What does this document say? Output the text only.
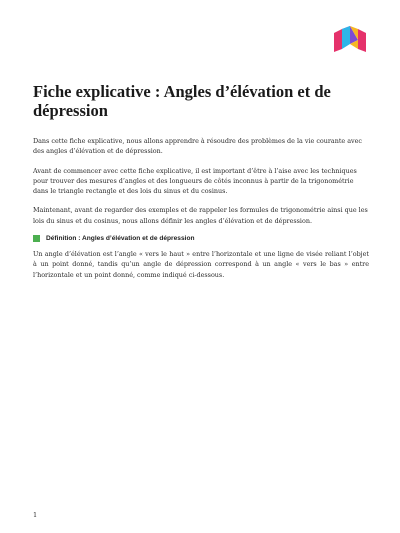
Fiche explicative : Angles d’élévation et de dépression

Dans cette fiche explicative, nous allons apprendre à résoudre des problèmes de la vie courante avec des angles d’élévation et de dépression.

Avant de commencer avec cette fiche explicative, il est important d’être à l’aise avec les techniques pour trouver des mesures d’angles et des longueurs de côtés inconnus à partir de la trigonométrie dans le triangle rectangle et des lois du sinus et du cosinus.

Maintenant, avant de regarder des exemples et de rappeler les formules de trigonométrie ainsi que les lois du sinus et du cosinus, nous allons définir les angles d’élévation et de dépression.

Définition : Angles d’élévation et de dépression

Un angle d’élévation est l’angle « vers le haut » entre l’horizontale et une ligne de visée reliant l’objet à un point donné, tandis qu’un angle de dépression correspond à un angle « vers le bas » entre l’horizontale et un point donné, comme indiqué ci-dessous.

1
